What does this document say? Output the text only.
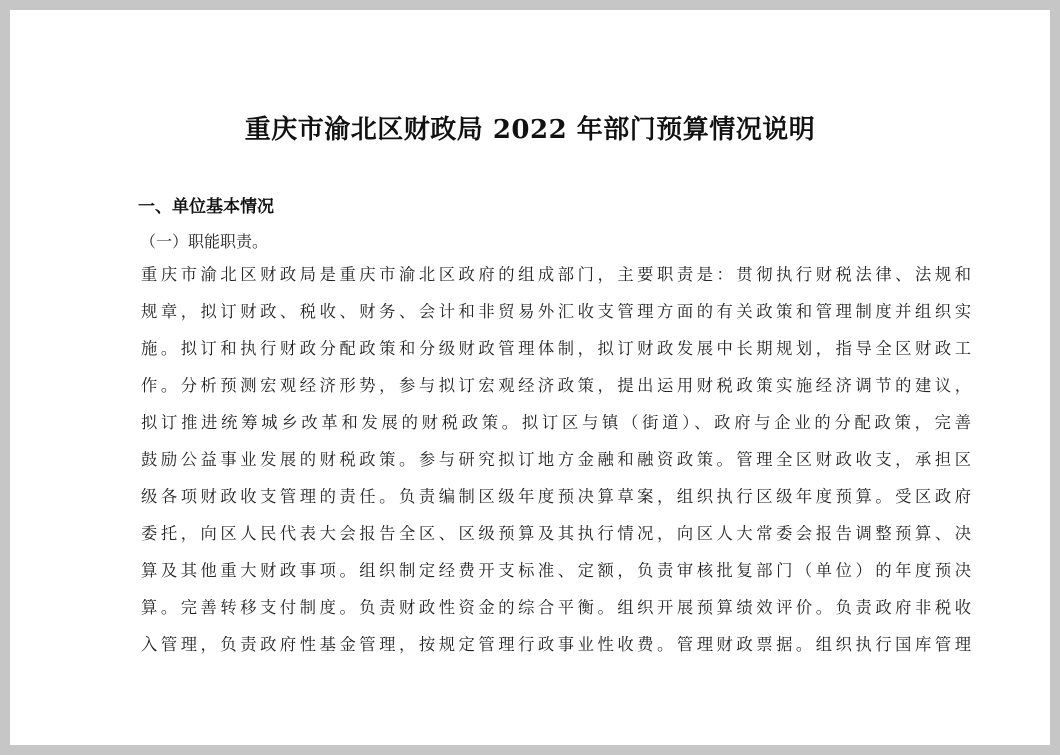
重庆市渝北区财政局 2022 年部门预算情况说明
一、单位基本情况
（一）职能职责。
重庆市渝北区财政局是重庆市渝北区政府的组成部门，主要职责是：贯彻执行财税法律、法规和
规章，拟订财政、税收、财务、会计和非贸易外汇收支管理方面的有关政策和管理制度并组织实
施。拟订和执行财政分配政策和分级财政管理体制，拟订财政发展中长期规划，指导全区财政工
作。分析预测宏观经济形势，参与拟订宏观经济政策，提出运用财税政策实施经济调节的建议，
拟订推进统筹城乡改革和发展的财税政策。拟订区与镇（街道）、政府与企业的分配政策，完善
鼓励公益事业发展的财税政策。参与研究拟订地方金融和融资政策。管理全区财政收支，承担区
级各项财政收支管理的责任。负责编制区级年度预决算草案，组织执行区级年度预算。受区政府
委托，向区人民代表大会报告全区、区级预算及其执行情况，向区人大常委会报告调整预算、决
算及其他重大财政事项。组织制定经费开支标准、定额，负责审核批复部门（单位）的年度预决
算。完善转移支付制度。负责财政性资金的综合平衡。组织开展预算绩效评价。负责政府非税收
入管理，负责政府性基金管理，按规定管理行政事业性收费。管理财政票据。组织执行国库管理
